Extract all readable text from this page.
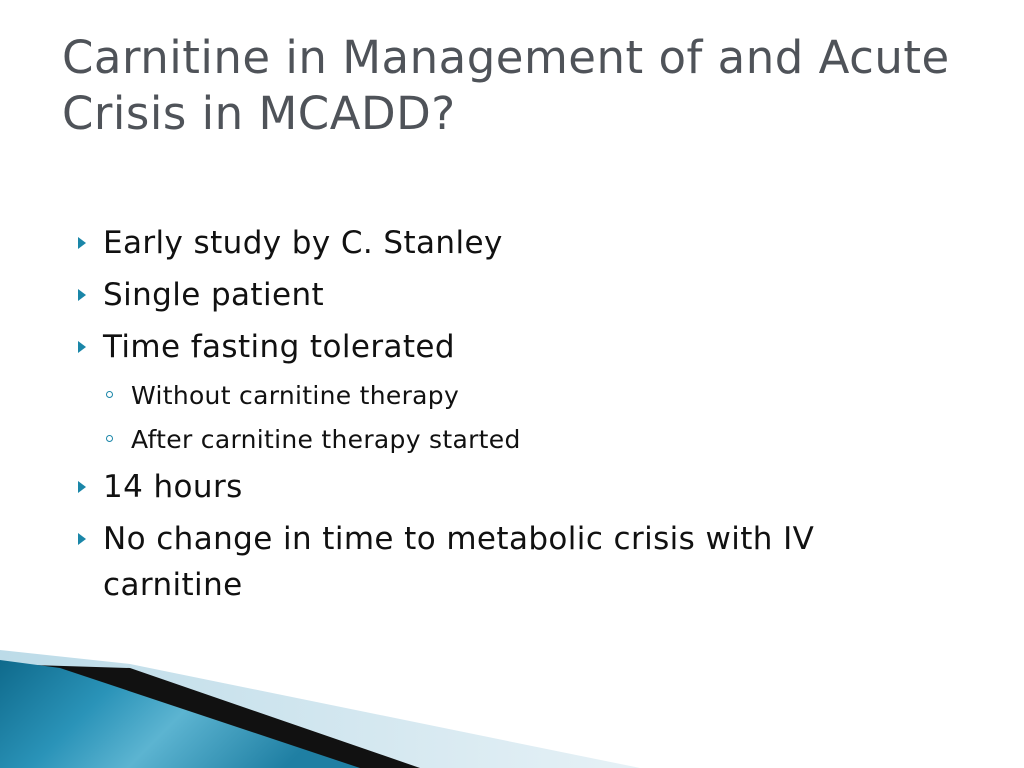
Carnitine in Management of and Acute Crisis in MCADD?
Early study by C. Stanley
Single patient
Time fasting tolerated
Without carnitine therapy
After carnitine therapy started
14 hours
No change in time to metabolic crisis with IV carnitine
